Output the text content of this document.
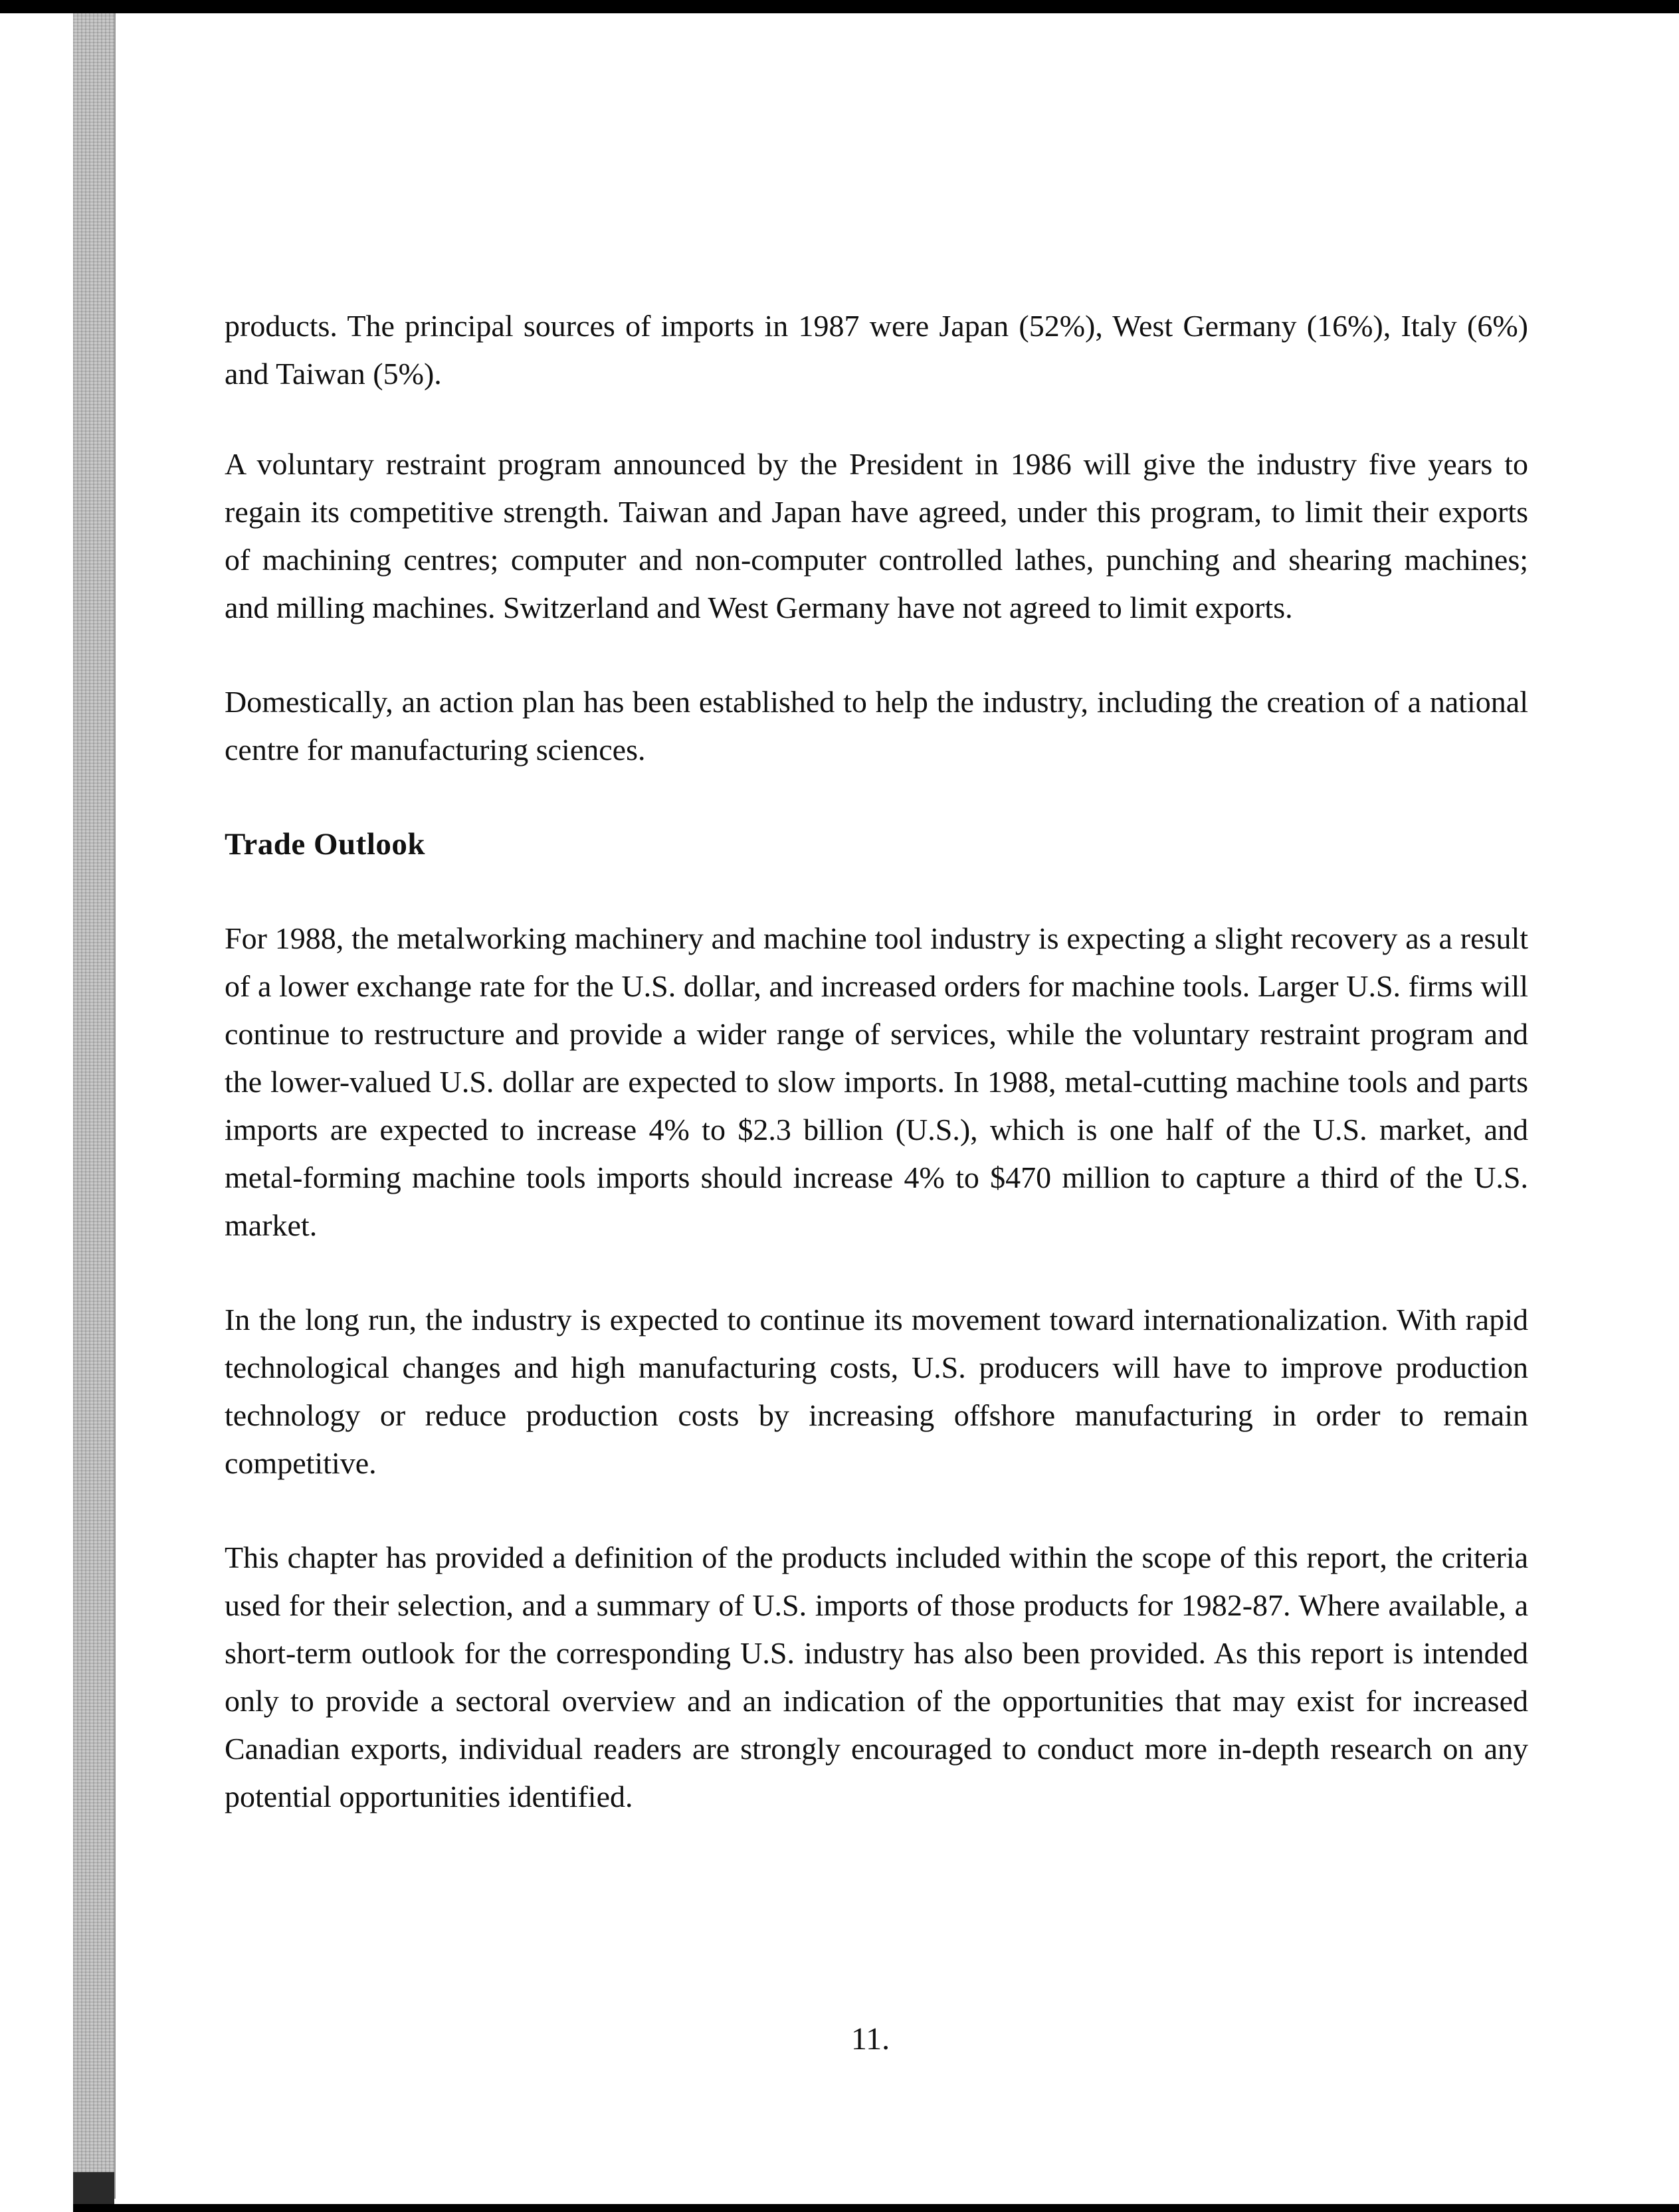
products. The principal sources of imports in 1987 were Japan (52%), West Germany (16%), Italy (6%) and Taiwan (5%).

A voluntary restraint program announced by the President in 1986 will give the industry five years to regain its competitive strength. Taiwan and Japan have agreed, under this program, to limit their exports of machining centres; computer and non-computer controlled lathes, punching and shearing machines; and milling machines. Switzerland and West Germany have not agreed to limit exports.

Domestically, an action plan has been established to help the industry, including the creation of a national centre for manufacturing sciences.

Trade Outlook

For 1988, the metalworking machinery and machine tool industry is expecting a slight recovery as a result of a lower exchange rate for the U.S. dollar, and increased orders for machine tools. Larger U.S. firms will continue to restructure and provide a wider range of services, while the voluntary restraint program and the lower-valued U.S. dollar are expected to slow imports. In 1988, metal-cutting machine tools and parts imports are expected to increase 4% to $2.3 billion (U.S.), which is one half of the U.S. market, and metal-forming machine tools imports should increase 4% to $470 million to capture a third of the U.S. market.

In the long run, the industry is expected to continue its movement toward internationalization. With rapid technological changes and high manufacturing costs, U.S. producers will have to improve production technology or reduce production costs by increasing offshore manufacturing in order to remain competitive.

This chapter has provided a definition of the products included within the scope of this report, the criteria used for their selection, and a summary of U.S. imports of those products for 1982-87. Where available, a short-term outlook for the corresponding U.S. industry has also been provided. As this report is intended only to provide a sectoral overview and an indication of the opportunities that may exist for increased Canadian exports, individual readers are strongly encouraged to conduct more in-depth research on any potential opportunities identified.

11.
